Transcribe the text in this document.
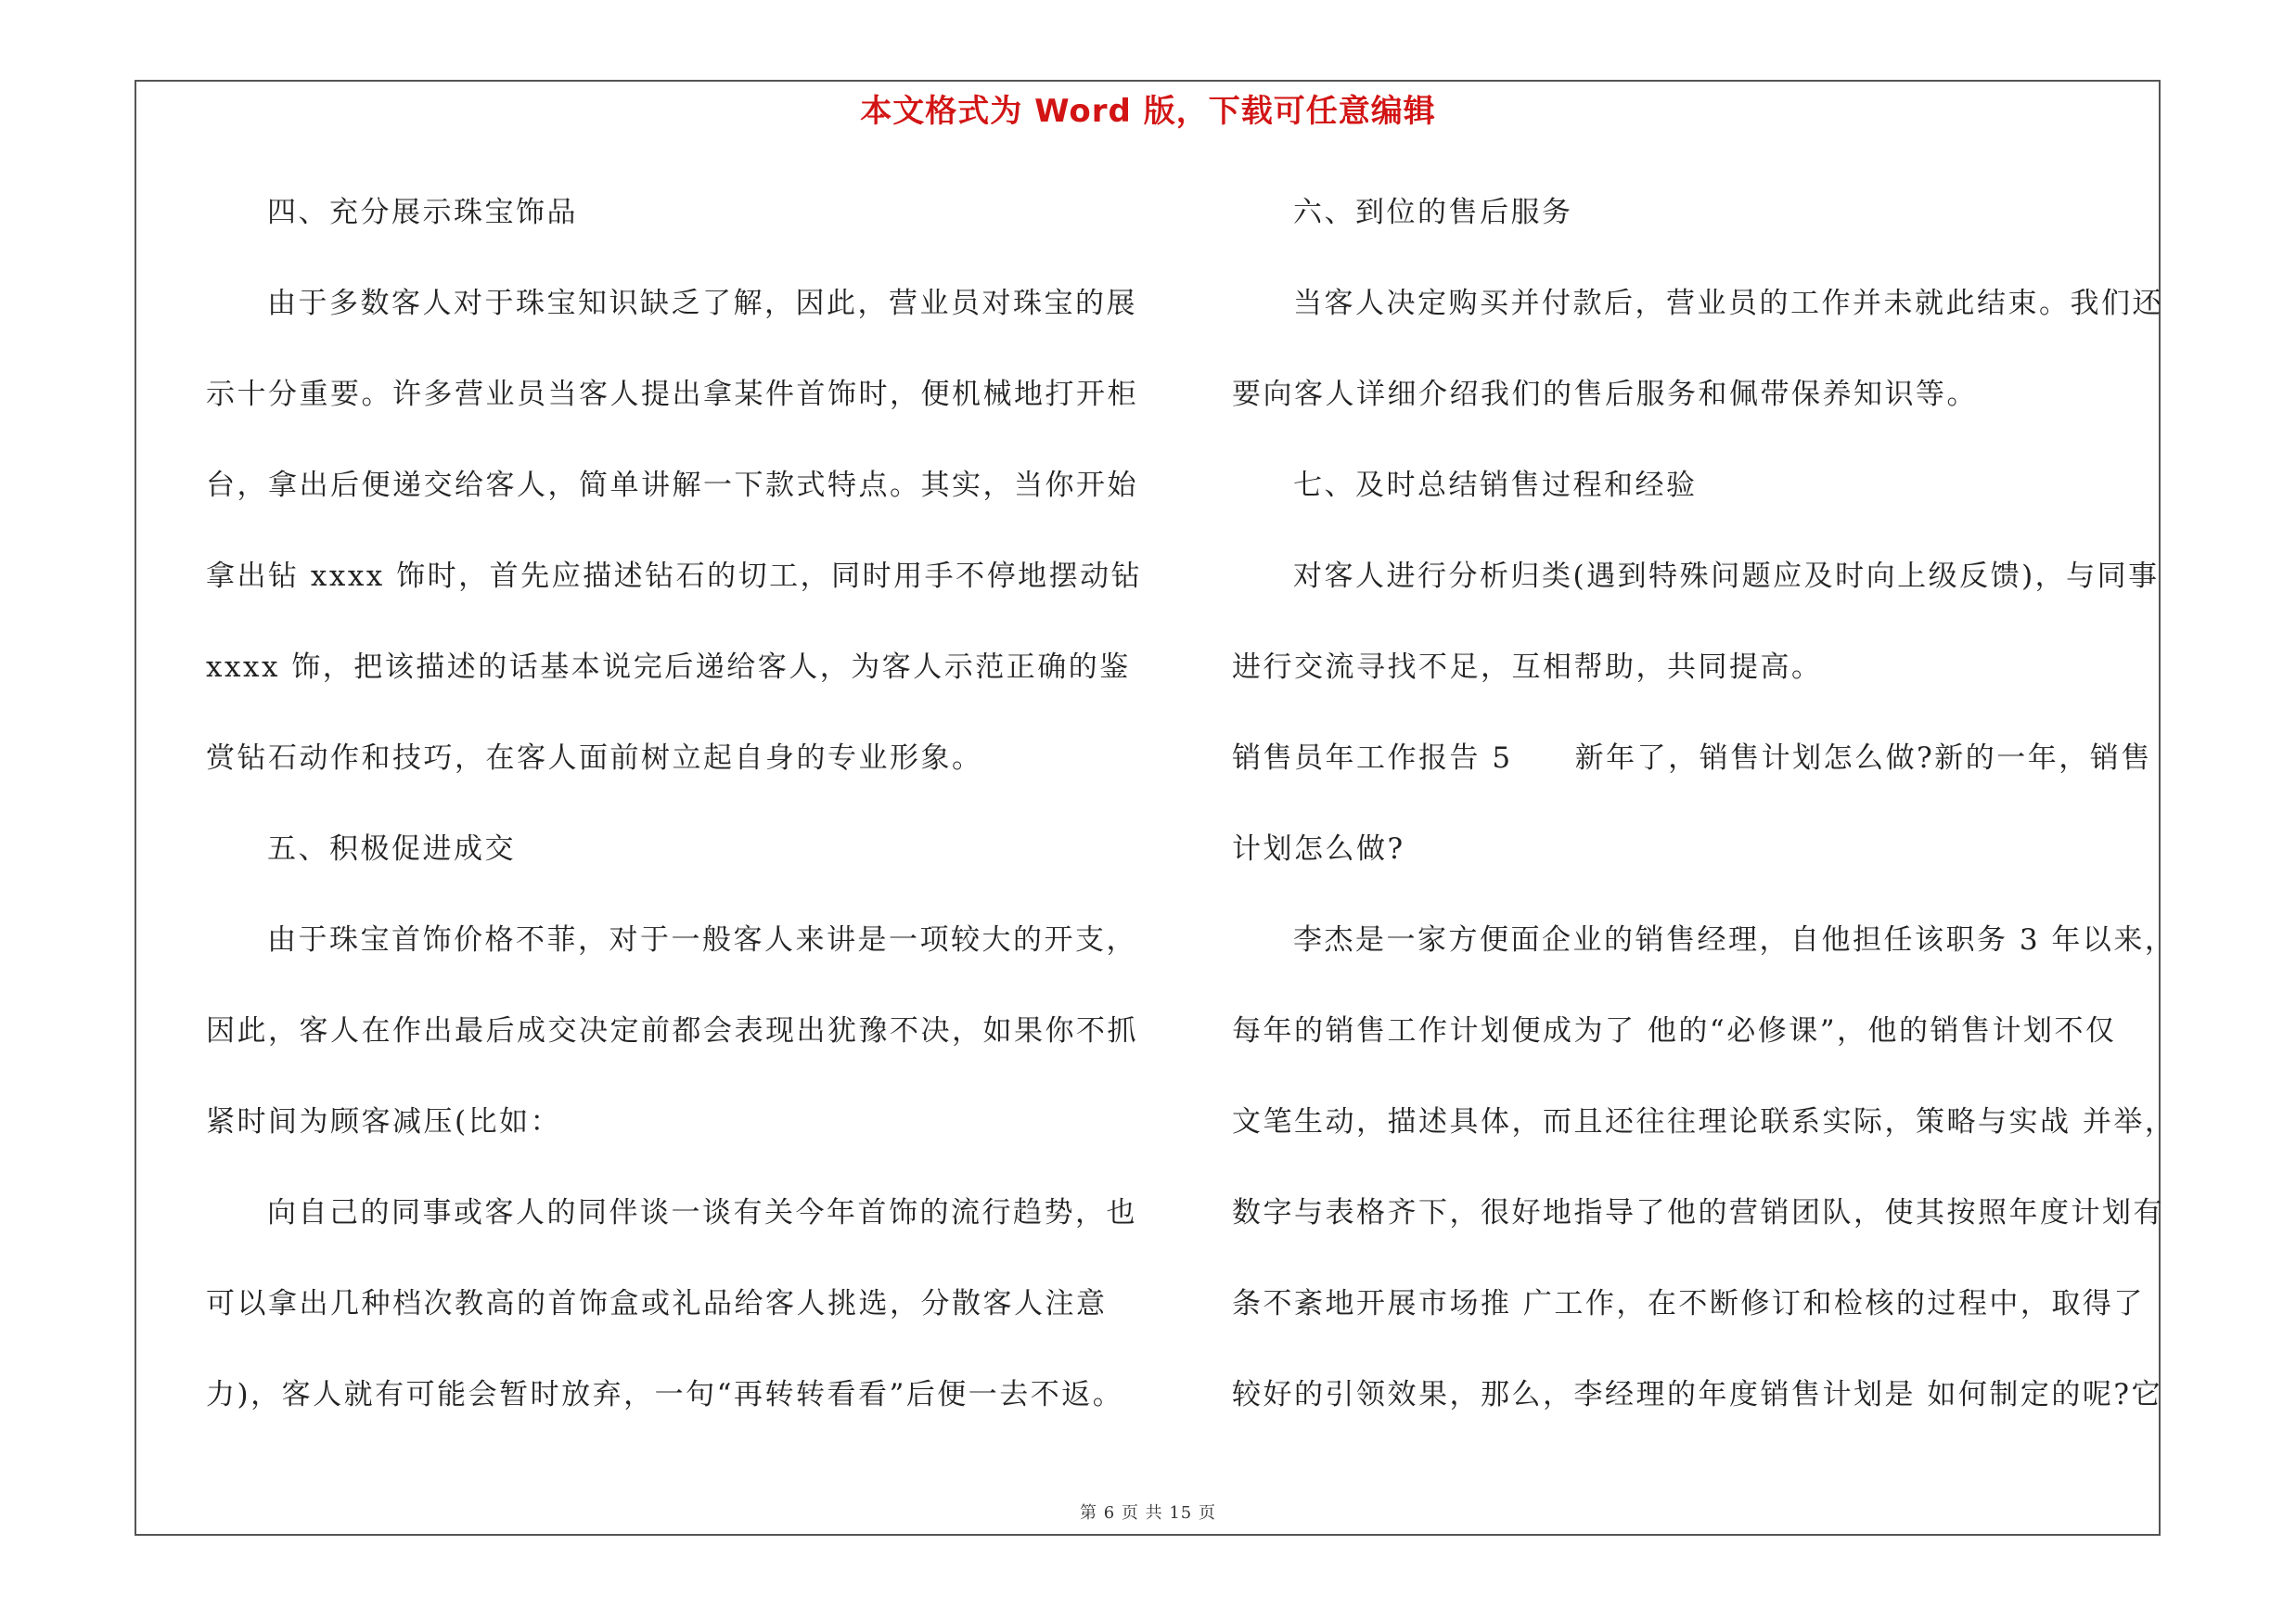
本文格式为 Word 版，下载可任意编辑
四、充分展示珠宝饰品
由于多数客人对于珠宝知识缺乏了解，因此，营业员对珠宝的展
示十分重要。许多营业员当客人提出拿某件首饰时，便机械地打开柜
台，拿出后便递交给客人，简单讲解一下款式特点。其实，当你开始
拿出钻 xxxx 饰时，首先应描述钻石的切工，同时用手不停地摆动钻
xxxx 饰，把该描述的话基本说完后递给客人，为客人示范正确的鉴
赏钻石动作和技巧，在客人面前树立起自身的专业形象。
五、积极促进成交
由于珠宝首饰价格不菲，对于一般客人来讲是一项较大的开支，
因此，客人在作出最后成交决定前都会表现出犹豫不决，如果你不抓
紧时间为顾客减压(比如：
向自己的同事或客人的同伴谈一谈有关今年首饰的流行趋势，也
可以拿出几种档次教高的首饰盒或礼品给客人挑选，分散客人注意
力)，客人就有可能会暂时放弃，一句“再转转看看”后便一去不返。
六、到位的售后服务
当客人决定购买并付款后，营业员的工作并未就此结束。我们还
要向客人详细介绍我们的售后服务和佩带保养知识等。
七、及时总结销售过程和经验
对客人进行分析归类(遇到特殊问题应及时向上级反馈)，与同事
进行交流寻找不足，互相帮助，共同提高。
销售员年工作报告 5　　新年了，销售计划怎么做?新的一年，销售
计划怎么做?
李杰是一家方便面企业的销售经理，自他担任该职务 3 年以来，
每年的销售工作计划便成为了 他的“必修课”，他的销售计划不仅
文笔生动，描述具体，而且还往往理论联系实际，策略与实战 并举，
数字与表格齐下，很好地指导了他的营销团队，使其按照年度计划有
条不紊地开展市场推 广工作，在不断修订和检核的过程中，取得了
较好的引领效果，那么，李经理的年度销售计划是 如何制定的呢?它
第 6 页 共 15 页
